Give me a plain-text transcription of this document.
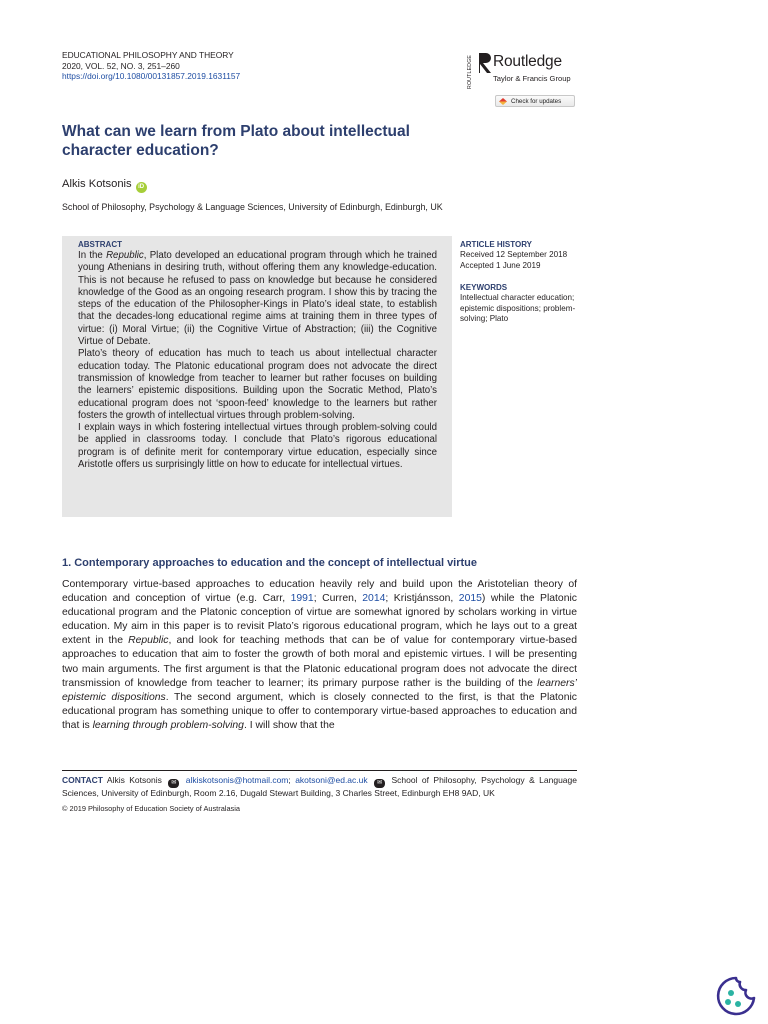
EDUCATIONAL PHILOSOPHY AND THEORY
2020, VOL. 52, NO. 3, 251–260
https://doi.org/10.1080/00131857.2019.1631157	ROUTLEDGE Routledge
Taylor & Francis Group
Check for updates
What can we learn from Plato about intellectual character education?
Alkis Kotsonis iD
School of Philosophy, Psychology & Language Sciences, University of Edinburgh, Edinburgh, UK
ABSTRACT

In the Republic, Plato developed an educational program through which he trained young Athenians in desiring truth, without offering them any knowledge-education. This is not because he refused to pass on knowledge but because he considered knowledge of the Good as an ongoing research program. I show this by tracing the steps of the education of the Philosopher-Kings in Plato’s ideal state, to establish that the decades-long educational regime aims at training them in three types of virtue: (i) Moral Virtue; (ii) the Cognitive Virtue of Abstraction; (iii) the Cognitive Virtue of Debate.

Plato’s theory of education has much to teach us about intellectual character education today. The Platonic educational program does not advocate the direct transmission of knowledge from teacher to learner but rather focuses on building the learners’ epistemic dispositions. Building upon the Socratic Method, Plato’s educational program does not ‘spoon-feed’ knowledge to the learners but rather fosters the growth of intellectual virtues through problem-solving.

I explain ways in which fostering intellectual virtues through problem-solving could be applied in classrooms today. I conclude that Plato’s rigorous educational program is of definite merit for contemporary virtue education, especially since Aristotle offers us surprisingly little on how to educate for intellectual virtues.

ARTICLE HISTORY
Received 12 September 2018
Accepted 1 June 2019
KEYWORDS
Intellectual character education; epistemic dispositions; problem-solving; Plato
1. Contemporary approaches to education and the concept of intellectual virtue

Contemporary virtue-based approaches to education heavily rely and build upon the Aristotelian theory of education and conception of virtue (e.g. Carr, 1991; Curren, 2014; Kristjánsson, 2015) while the Platonic educational program and the Platonic conception of virtue are somewhat ignored by scholars working in virtue education. My aim in this paper is to revisit Plato’s rigorous educational program, which he lays out to a great extent in the Republic, and look for teaching methods that can be of value for contemporary virtue-based approaches to education that aim to foster the growth of both moral and epistemic virtues. I will be presenting two main arguments. The first argument is that the Platonic educational program does not advocate the direct transmission of knowledge from teacher to learner; its primary purpose rather is the building of the learners’ epistemic dispositions. The second argument, which is closely connected to the first, is that the Platonic educational program has something unique to offer to contemporary virtue-based approaches to education and that is learning through problem-solving. I will show that the

CONTACT Alkis Kotsonis ✉ alkiskotsonis@hotmail.com; akotsoni@ed.ac.uk ✉ School of Philosophy, Psychology & Language Sciences, University of Edinburgh, Room 2.16, Dugald Stewart Building, 3 Charles Street, Edinburgh EH8 9AD, UK
© 2019 Philosophy of Education Society of Australasia
